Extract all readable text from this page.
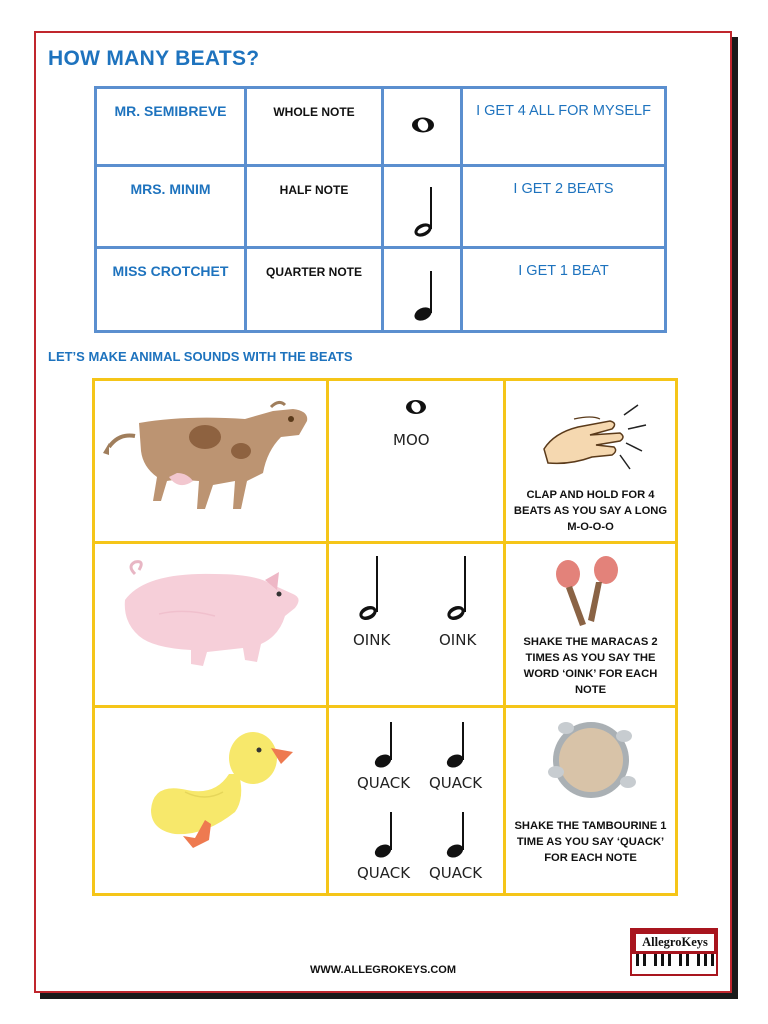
HOW MANY BEATS?
MR. SEMIBREVE	WHOLE NOTE		I GET 4 ALL FOR MYSELF
MRS. MINIM	HALF NOTE		I GET 2 BEATS
MISS CROTCHET	QUARTER NOTE		I GET 1 BEAT
LET’S MAKE ANIMAL SOUNDS WITH THE BEATS

MOO	CLAP AND HOLD FOR 4 BEATS AS YOU SAY A LONG M-O-O-O

OINK OINK	SHAKE THE MARACAS 2 TIMES AS YOU SAY THE WORD ‘OINK’ FOR EACH NOTE

QUACK QUACK
QUACK QUACK	SHAKE THE TAMBOURINE 1 TIME AS YOU SAY ‘QUACK’ FOR EACH NOTE
AllegroKeys
WWW.ALLEGROKEYS.COM
